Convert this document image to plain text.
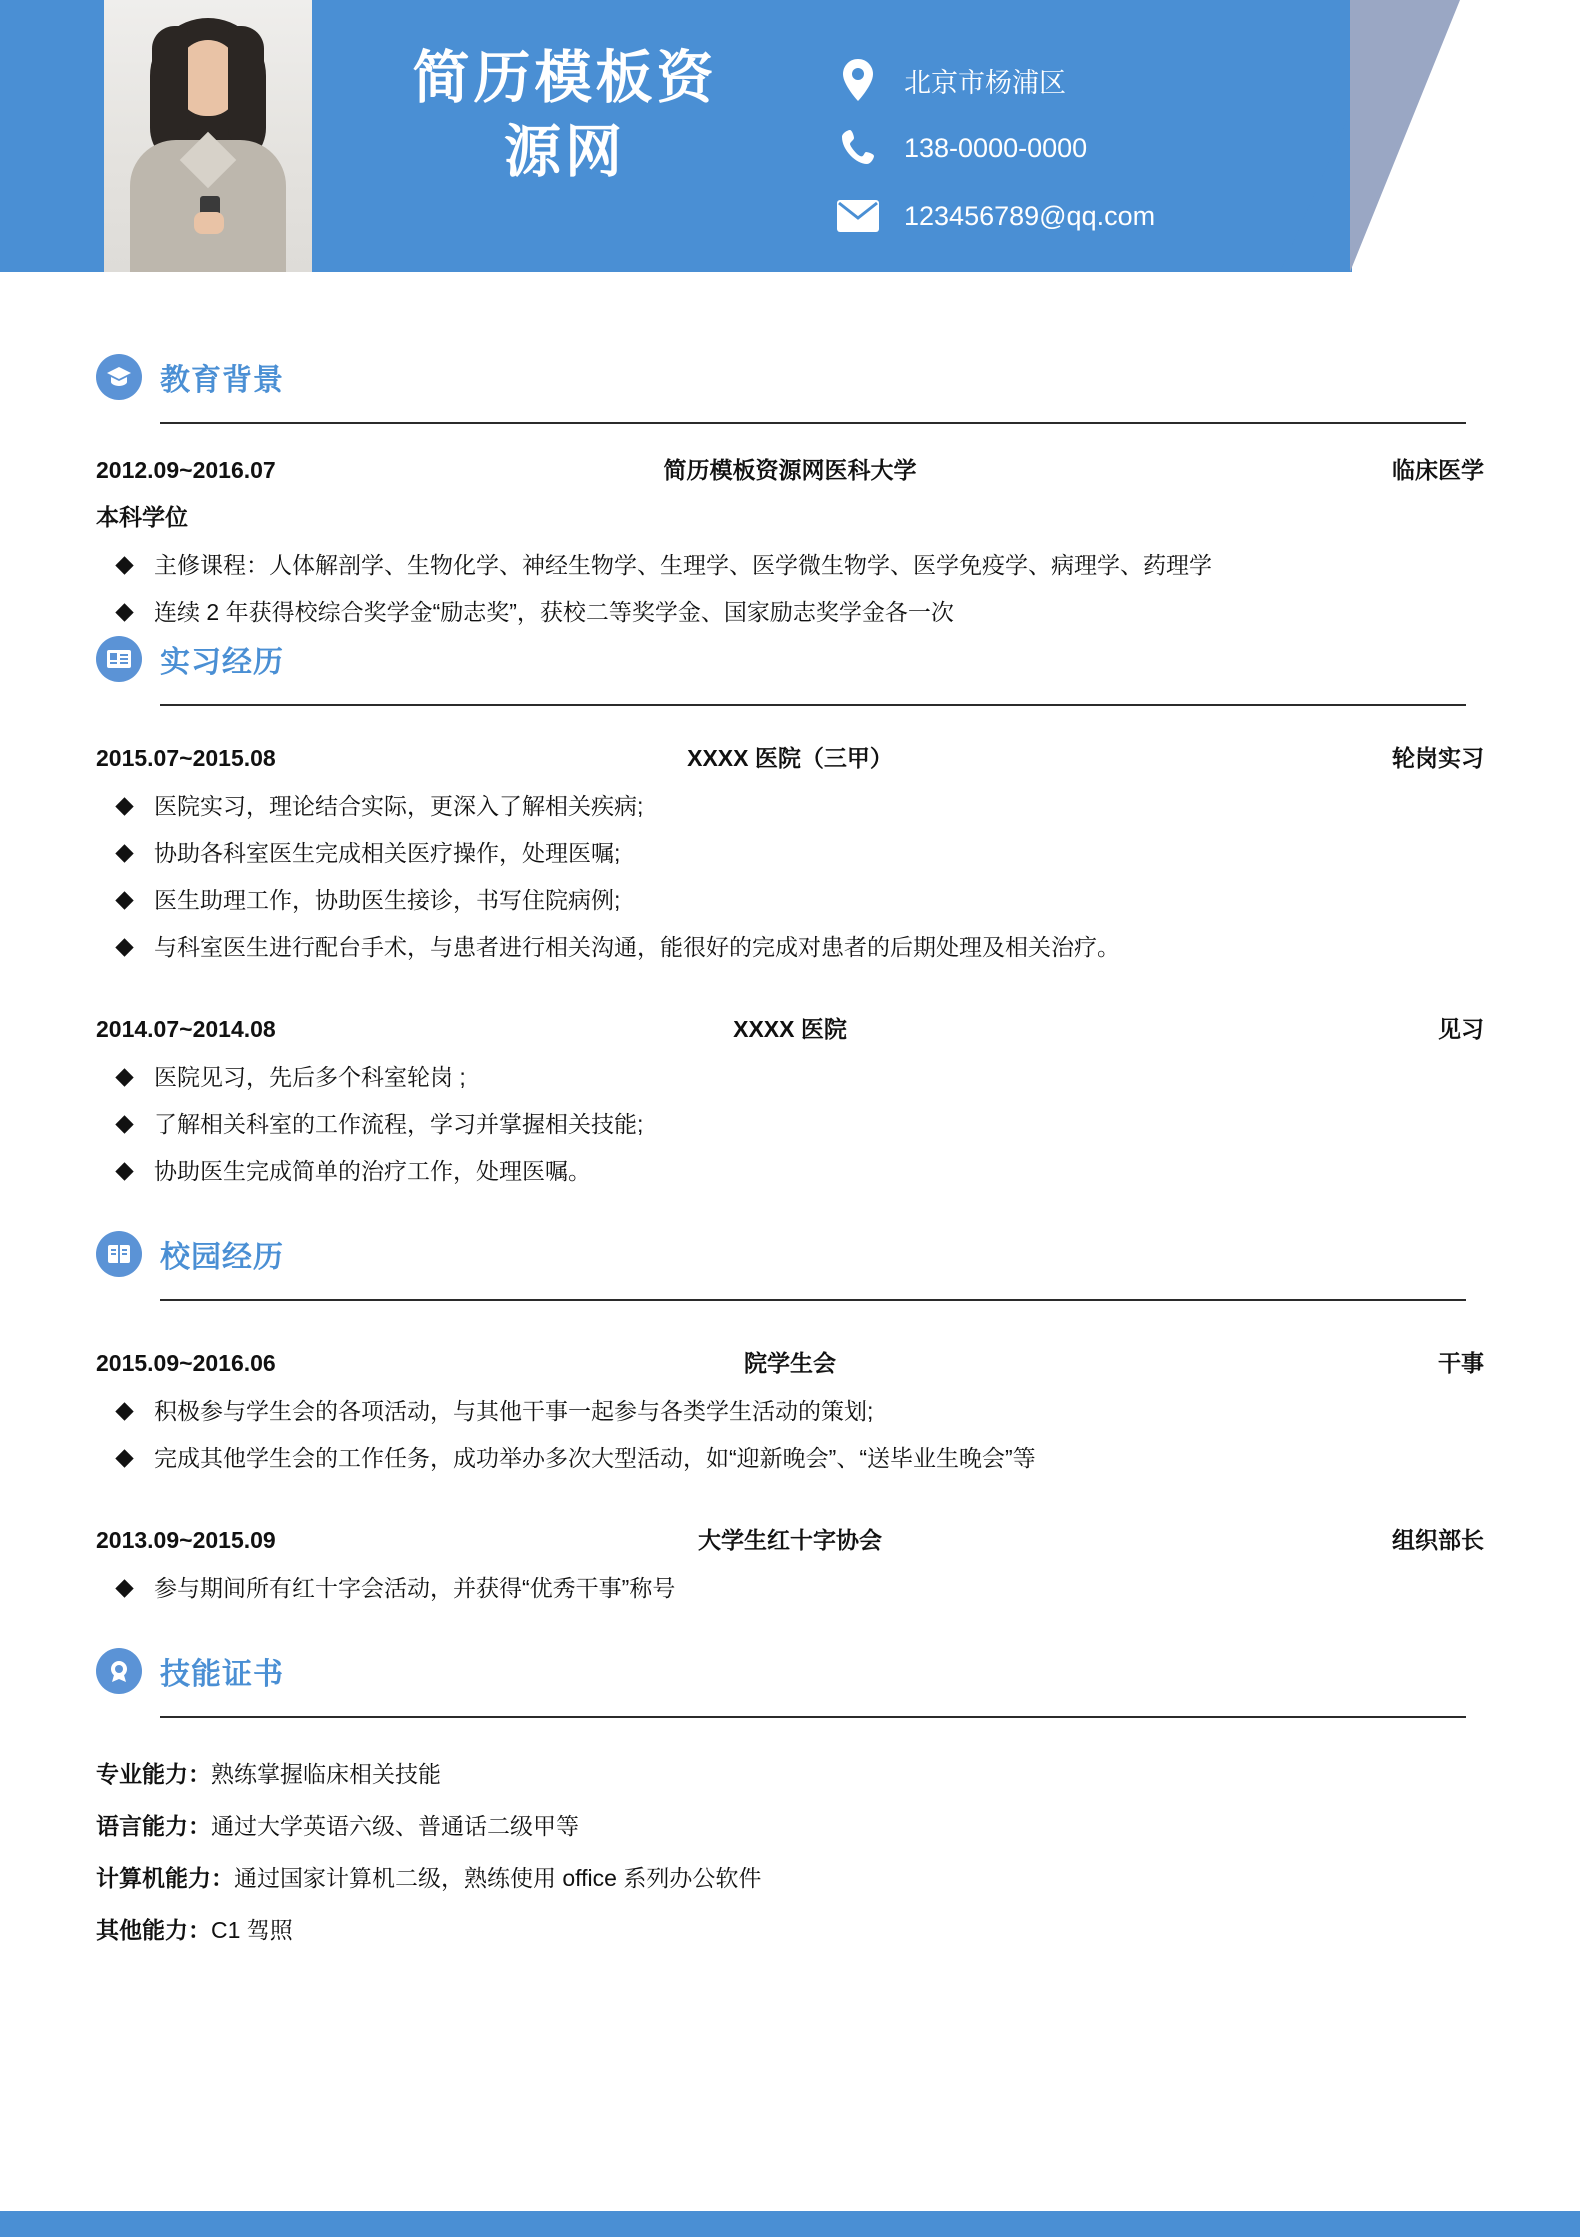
简历模板资
源网
北京市杨浦区
138-0000-0000
123456789@qq.com
教育背景
2012.09~2016.07	简历模板资源网医科大学	临床医学
本科学位
主修课程：人体解剖学、生物化学、神经生物学、生理学、医学微生物学、医学免疫学、病理学、药理学
连续 2 年获得校综合奖学金“励志奖”，获校二等奖学金、国家励志奖学金各一次
实习经历
2015.07~2015.08	XXXX 医院（三甲）	轮岗实习
医院实习，理论结合实际，更深入了解相关疾病;
协助各科室医生完成相关医疗操作，处理医嘱;
医生助理工作，协助医生接诊，书写住院病例;
与科室医生进行配台手术，与患者进行相关沟通，能很好的完成对患者的后期处理及相关治疗。
2014.07~2014.08	XXXX 医院	见习
医院见习，先后多个科室轮岗 ;
了解相关科室的工作流程，学习并掌握相关技能;
协助医生完成简单的治疗工作，处理医嘱。
校园经历
2015.09~2016.06	院学生会	干事
积极参与学生会的各项活动，与其他干事一起参与各类学生活动的策划;
完成其他学生会的工作任务，成功举办多次大型活动，如“迎新晚会”、“送毕业生晚会”等
2013.09~2015.09	大学生红十字协会	组织部长
参与期间所有红十字会活动，并获得“优秀干事”称号
技能证书
专业能力：熟练掌握临床相关技能
语言能力：通过大学英语六级、普通话二级甲等
计算机能力：通过国家计算机二级，熟练使用 office 系列办公软件
其他能力：C1 驾照
